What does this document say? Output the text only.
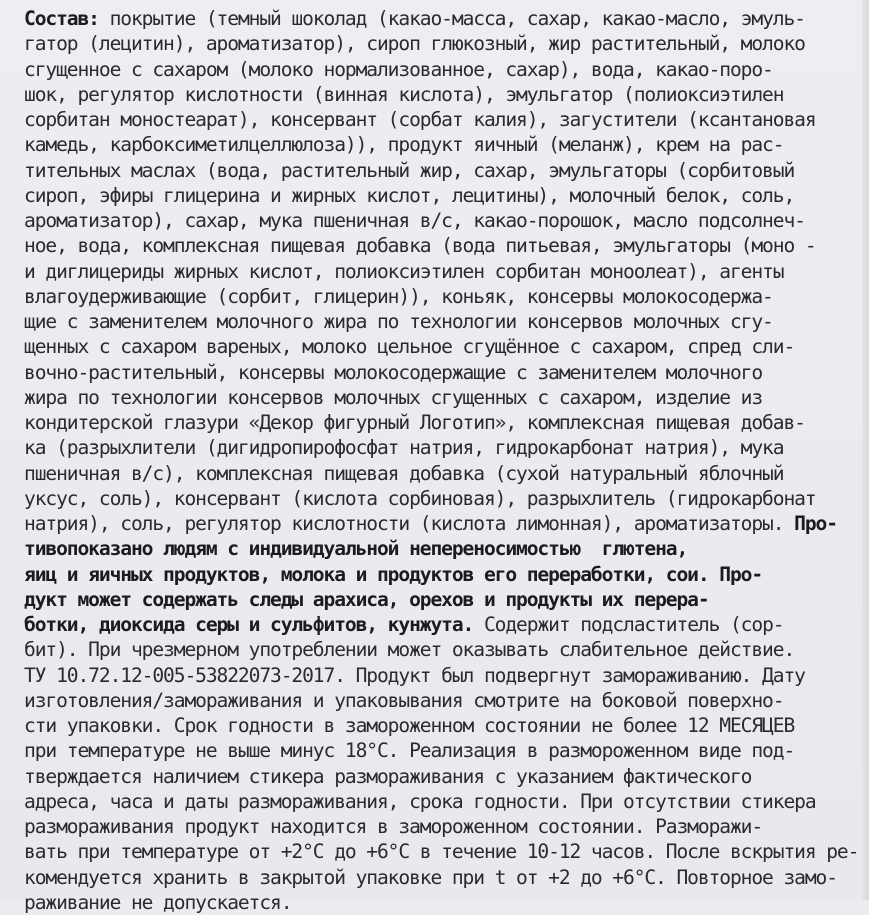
Состав: покрытие (темный шоколад (какао-масса, сахар, какао-масло, эмуль-
гатор (лецитин), ароматизатор), сироп глюкозный, жир растительный, молоко
сгущенное с сахаром (молоко нормализованное, сахар), вода, какао-порo-
шок, регулятор кислотности (винная кислота), эмульгатор (полиоксиэтилен
сорбитан моностеарат), консервант (сорбат калия), загустители (ксантановая
камедь, карбоксиметилцеллюлоза)), продукт яичный (меланж), крем на рас-
тительных маслах (вода, растительный жир, сахар, эмульгаторы (сорбитовый
сироп, эфиры глицерина и жирных кислот, лецитины), молочный белок, соль,
ароматизатор), сахар, мука пшеничная в/с, какао-порошок, масло подсолнеч-
ное, вода, комплексная пищевая добавка (вода питьевая, эмульгаторы (моно -
и диглицериды жирных кислот, полиоксиэтилен сорбитан моноолеат), агенты
влагоудерживающие (сорбит, глицерин)), коньяк, консервы молокосодержа-
щие с заменителем молочного жира по технологии консервов молочных сгу-
щенных с сахаром вареных, молоко цельное сгущённое с сахаром, спред сли-
вочно-растительный, консервы молокосодержащие с заменителем молочного
жира по технологии консервов молочных сгущенных с сахаром, изделие из
кондитерской глазури «Декор фигурный Логотип», комплексная пищевая добав-
ка (разрыхлители (дигидропирофосфат натрия, гидрокарбонат натрия), мука
пшеничная в/с), комплексная пищевая добавка (сухой натуральный яблочный
уксус, соль), консервант (кислота сорбиновая), разрыхлитель (гидрокарбонат
натрия), соль, регулятор кислотности (кислота лимонная), ароматизаторы. Про-
тивопоказано людям с индивидуальной непереносимостью  глютена,
яиц и яичных продуктов, молока и продуктов его переработки, сои. Про-
дукт может содержать следы арахиса, орехов и продукты их перера-
ботки, диоксида серы и сульфитов, кунжута. Содержит подсластитель (сор-
бит). При чрезмерном употреблении может оказывать слабительное действие.
ТУ 10.72.12-005-53822073-2017. Продукт был подвергнут замораживанию. Дату
изготовления/замораживания и упаковывания смотрите на боковой поверхно-
сти упаковки. Срок годности в замороженном состоянии не более 12 МЕСЯЦЕВ
при температуре не выше минус 18°С. Реализация в размороженном виде под-
тверждается наличием стикера размораживания с указанием фактического
адреса, часа и даты размораживания, срока годности. При отсутствии стикера
размораживания продукт находится в замороженном состоянии. Разморажи-
вать при температуре от +2°С до +6°С в течение 10-12 часов. После вскрытия ре-
комендуется хранить в закрытой упаковке при t от +2 до +6°С. Повторное замо-
раживание не допускается.
